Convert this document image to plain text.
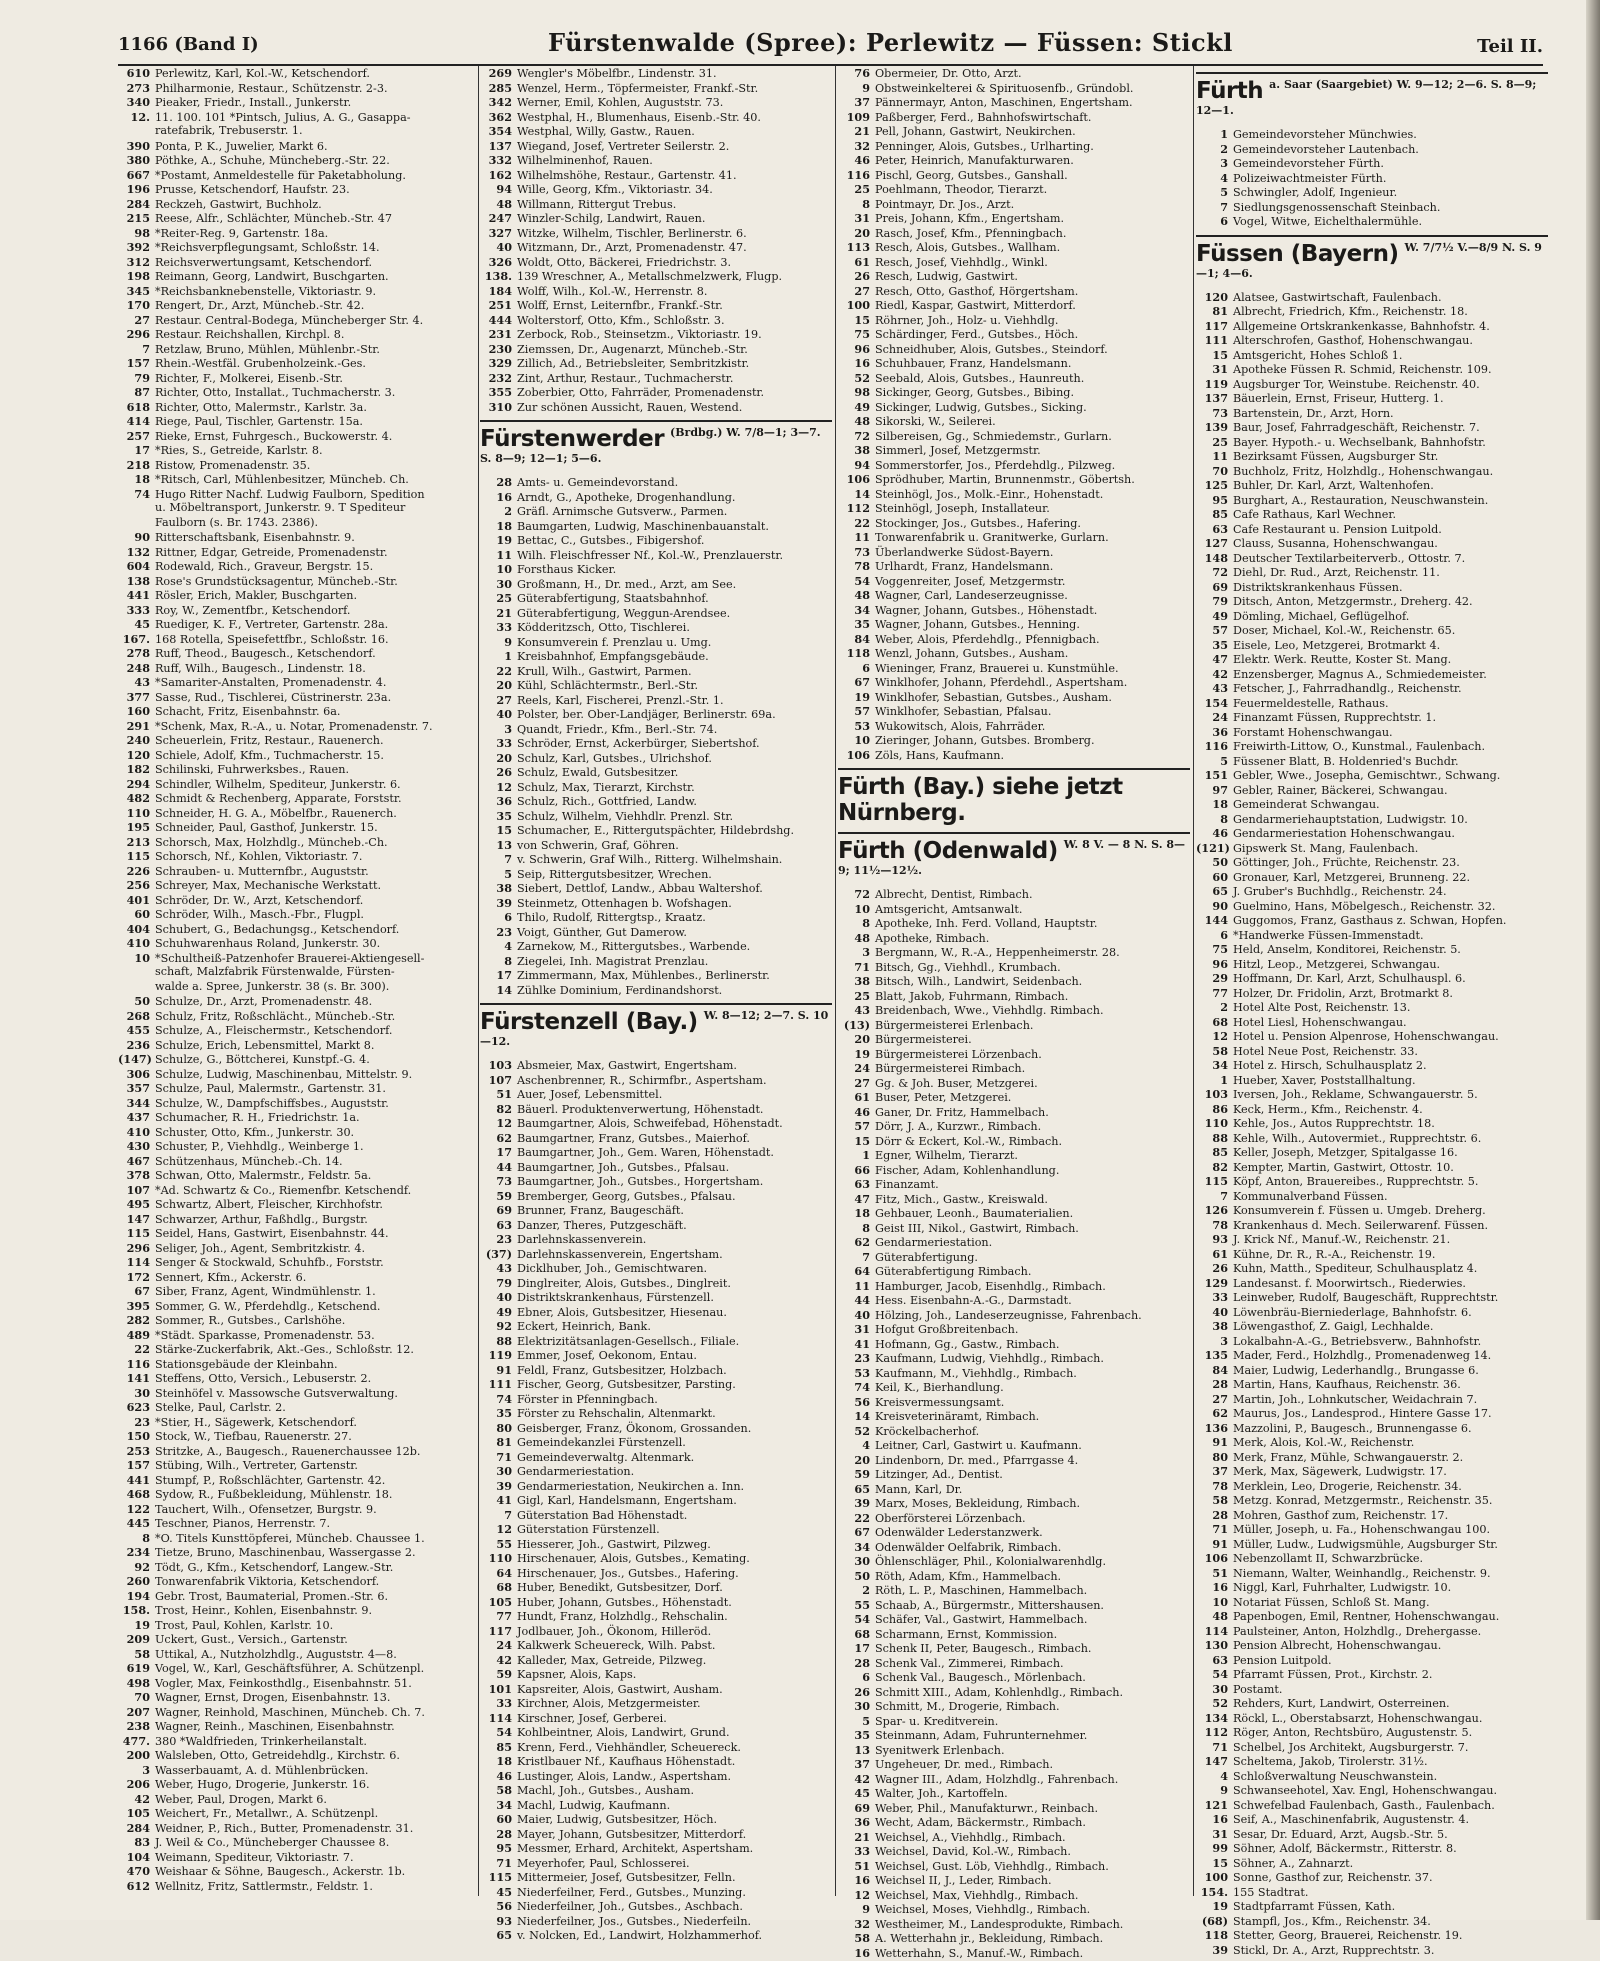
1166 (Band I)	Fürstenwalde (Spree): Perlewitz — Füssen: Stickl	Teil II.
610 Perlewitz, Karl, Kol.-W., Ketschendorf.
273 Philharmonie, Restaur., Schützenstr. 2-3.
340 Pieaker, Friedr., Install., Junkerstr.
12. 11. 100. 101 *Pintsch, Julius, A. G., Gasappa-
ratefabrik, Trebuserstr. 1.
390 Ponta, P. K., Juwelier, Markt 6.
380 Pöthke, A., Schuhe, Müncheberg.-Str. 22.
667 *Postamt, Anmeldestelle für Paketabholung.
196 Prusse, Ketschendorf, Haufstr. 23.
284 Reckzeh, Gastwirt, Buchholz.
215 Reese, Alfr., Schlächter, Müncheb.-Str. 47
98 *Reiter-Reg. 9, Gartenstr. 18a.
392 *Reichsverpflegungsamt, Schloßstr. 14.
312 Reichsverwertungsamt, Ketschendorf.
198 Reimann, Georg, Landwirt, Buschgarten.
345 *Reichsbanknebenstelle, Viktoriastr. 9.
170 Rengert, Dr., Arzt, Müncheb.-Str. 42.
27 Restaur. Central-Bodega, Müncheberger Str. 4.
296 Restaur. Reichshallen, Kirchpl. 8.
7 Retzlaw, Bruno, Mühlen, Mühlenbr.-Str.
157 Rhein.-Westfäl. Grubenholzeink.-Ges.
79 Richter, F., Molkerei, Eisenb.-Str.
87 Richter, Otto, Installat., Tuchmacherstr. 3.
618 Richter, Otto, Malermstr., Karlstr. 3a.
414 Riege, Paul, Tischler, Gartenstr. 15a.
257 Rieke, Ernst, Fuhrgesch., Buckowerstr. 4.
17 *Ries, S., Getreide, Karlstr. 8.
218 Ristow, Promenadenstr. 35.
18 *Ritsch, Carl, Mühlenbesitzer, Müncheb. Ch.
74 Hugo Ritter Nachf. Ludwig Faulborn, Spedition
u. Möbeltransport, Junkerstr. 9. T Spediteur
Faulborn (s. Br. 1743. 2386).
90 Ritterschaftsbank, Eisenbahnstr. 9.
132 Rittner, Edgar, Getreide, Promenadenstr.
604 Rodewald, Rich., Graveur, Bergstr. 15.
138 Rose's Grundstücksagentur, Müncheb.-Str.
441 Rösler, Erich, Makler, Buschgarten.
333 Roy, W., Zementfbr., Ketschendorf.
45 Ruediger, K. F., Vertreter, Gartenstr. 28a.
167. 168 Rotella, Speisefettfbr., Schloßstr. 16.
278 Ruff, Theod., Baugesch., Ketschendorf.
248 Ruff, Wilh., Baugesch., Lindenstr. 18.
43 *Samariter-Anstalten, Promenadenstr. 4.
377 Sasse, Rud., Tischlerei, Cüstrinerstr. 23a.
160 Schacht, Fritz, Eisenbahnstr. 6a.
291 *Schenk, Max, R.-A., u. Notar, Promenadenstr. 7.
240 Scheuerlein, Fritz, Restaur., Rauenerch.
120 Schiele, Adolf, Kfm., Tuchmacherstr. 15.
182 Schilinski, Fuhrwerksbes., Rauen.
294 Schindler, Wilhelm, Spediteur, Junkerstr. 6.
482 Schmidt & Rechenberg, Apparate, Forststr.
110 Schneider, H. G. A., Möbelfbr., Rauenerch.
195 Schneider, Paul, Gasthof, Junkerstr. 15.
213 Schorsch, Max, Holzhdlg., Müncheb.-Ch.
115 Schorsch, Nf., Kohlen, Viktoriastr. 7.
226 Schrauben- u. Mutternfbr., Auguststr.
256 Schreyer, Max, Mechanische Werkstatt.
401 Schröder, Dr. W., Arzt, Ketschendorf.
60 Schröder, Wilh., Masch.-Fbr., Flugpl.
404 Schubert, G., Bedachungsg., Ketschendorf.
410 Schuhwarenhaus Roland, Junkerstr. 30.
10 *Schultheiß-Patzenhofer Brauerei-Aktiengesell-
schaft, Malzfabrik Fürstenwalde, Fürsten-
walde a. Spree, Junkerstr. 38 (s. Br. 300).
50 Schulze, Dr., Arzt, Promenadenstr. 48.
268 Schulz, Fritz, Roßschlächt., Müncheb.-Str.
455 Schulze, A., Fleischermstr., Ketschendorf.
236 Schulze, Erich, Lebensmittel, Markt 8.
(147) Schulze, G., Böttcherei, Kunstpf.-G. 4.
306 Schulze, Ludwig, Maschinenbau, Mittelstr. 9.
357 Schulze, Paul, Malermstr., Gartenstr. 31.
344 Schulze, W., Dampfschiffsbes., Auguststr.
437 Schumacher, R. H., Friedrichstr. 1a.
410 Schuster, Otto, Kfm., Junkerstr. 30.
430 Schuster, P., Viehhdlg., Weinberge 1.
467 Schützenhaus, Müncheb.-Ch. 14.
378 Schwan, Otto, Malermstr., Feldstr. 5a.
107 *Ad. Schwartz & Co., Riemenfbr. Ketschendf.
495 Schwartz, Albert, Fleischer, Kirchhofstr.
147 Schwarzer, Arthur, Faßhdlg., Burgstr.
115 Seidel, Hans, Gastwirt, Eisenbahnstr. 44.
296 Seliger, Joh., Agent, Sembritzkistr. 4.
114 Senger & Stockwald, Schuhfb., Forststr.
172 Sennert, Kfm., Ackerstr. 6.
67 Siber, Franz, Agent, Windmühlenstr. 1.
395 Sommer, G. W., Pferdehdlg., Ketschend.
282 Sommer, R., Gutsbes., Carlshöhe.
489 *Städt. Sparkasse, Promenadenstr. 53.
22 Stärke-Zuckerfabrik, Akt.-Ges., Schloßstr. 12.
116 Stationsgebäude der Kleinbahn.
141 Steffens, Otto, Versich., Lebuserstr. 2.
30 Steinhöfel v. Massowsche Gutsverwaltung.
623 Stelke, Paul, Carlstr. 2.
23 *Stier, H., Sägewerk, Ketschendorf.
150 Stock, W., Tiefbau, Rauenerstr. 27.
253 Stritzke, A., Baugesch., Rauenerchaussee 12b.
157 Stübing, Wilh., Vertreter, Gartenstr.
441 Stumpf, P., Roßschlächter, Gartenstr. 42.
468 Sydow, R., Fußbekleidung, Mühlenstr. 18.
122 Tauchert, Wilh., Ofensetzer, Burgstr. 9.
445 Teschner, Pianos, Herrenstr. 7.
8 *O. Titels Kunsttöpferei, Müncheb. Chaussee 1.
234 Tietze, Bruno, Maschinenbau, Wassergasse 2.
92 Tödt, G., Kfm., Ketschendorf, Langew.-Str.
260 Tonwarenfabrik Viktoria, Ketschendorf.
194 Gebr. Trost, Baumaterial, Promen.-Str. 6.
158. Trost, Heinr., Kohlen, Eisenbahnstr. 9.
19 Trost, Paul, Kohlen, Karlstr. 10.
209 Uckert, Gust., Versich., Gartenstr.
58 Uttikal, A., Nutzholzhdlg., Auguststr. 4—8.
619 Vogel, W., Karl, Geschäftsführer, A. Schützenpl.
498 Vogler, Max, Feinkosthdlg., Eisenbahnstr. 51.
70 Wagner, Ernst, Drogen, Eisenbahnstr. 13.
207 Wagner, Reinhold, Maschinen, Müncheb. Ch. 7.
238 Wagner, Reinh., Maschinen, Eisenbahnstr.
477. 380 *Waldfrieden, Trinkerheilanstalt.
200 Walsleben, Otto, Getreidehdlg., Kirchstr. 6.
3 Wasserbauamt, A. d. Mühlenbrücken.
206 Weber, Hugo, Drogerie, Junkerstr. 16.
42 Weber, Paul, Drogen, Markt 6.
105 Weichert, Fr., Metallwr., A. Schützenpl.
284 Weidner, P., Rich., Butter, Promenadenstr. 31.
83 J. Weil & Co., Müncheberger Chaussee 8.
104 Weimann, Spediteur, Viktoriastr. 7.
470 Weishaar & Söhne, Baugesch., Ackerstr. 1b.
612 Wellnitz, Fritz, Sattlermstr., Feldstr. 1.
269 Wengler's Möbelfbr., Lindenstr. 31.
285 Wenzel, Herm., Töpfermeister, Frankf.-Str.
342 Werner, Emil, Kohlen, Auguststr. 73.
362 Westphal, H., Blumenhaus, Eisenb.-Str. 40.
354 Westphal, Willy, Gastw., Rauen.
137 Wiegand, Josef, Vertreter Seilerstr. 2.
332 Wilhelminenhof, Rauen.
162 Wilhelmshöhe, Restaur., Gartenstr. 41.
94 Wille, Georg, Kfm., Viktoriastr. 34.
48 Willmann, Rittergut Trebus.
247 Winzler-Schilg, Landwirt, Rauen.
327 Witzke, Wilhelm, Tischler, Berlinerstr. 6.
40 Witzmann, Dr., Arzt, Promenadenstr. 47.
326 Woldt, Otto, Bäckerei, Friedrichstr. 3.
138. 139 Wreschner, A., Metallschmelzwerk, Flugp.
184 Wolff, Wilh., Kol.-W., Herrenstr. 8.
251 Wolff, Ernst, Leiternfbr., Frankf.-Str.
444 Wolterstorf, Otto, Kfm., Schloßstr. 3.
231 Zerbock, Rob., Steinsetzm., Viktoriastr. 19.
230 Ziemssen, Dr., Augenarzt, Müncheb.-Str.
329 Zillich, Ad., Betriebsleiter, Sembritzkistr.
232 Zint, Arthur, Restaur., Tuchmacherstr.
355 Zoberbier, Otto, Fahrräder, Promenadenstr.
310 Zur schönen Aussicht, Rauen, Westend.
Fürstenwerder $^{(Brdbg.) W. 7/8—1; 3—7. S. 8—9; 12—1; 5—6.}$
28 Amts- u. Gemeindevorstand.
16 Arndt, G., Apotheke, Drogenhandlung.
2 Gräfl. Arnimsche Gutsverw., Parmen.
18 Baumgarten, Ludwig, Maschinenbauanstalt.
19 Bettac, C., Gutsbes., Fibigershof.
11 Wilh. Fleischfresser Nf., Kol.-W., Prenzlauerstr.
10 Forsthaus Kicker.
30 Großmann, H., Dr. med., Arzt, am See.
25 Güterabfertigung, Staatsbahnhof.
21 Güterabfertigung, Weggun-Arendsee.
33 Ködderitzsch, Otto, Tischlerei.
9 Konsumverein f. Prenzlau u. Umg.
1 Kreisbahnhof, Empfangsgebäude.
22 Krull, Wilh., Gastwirt, Parmen.
20 Kühl, Schlächtermstr., Berl.-Str.
27 Reels, Karl, Fischerei, Prenzl.-Str. 1.
40 Polster, ber. Ober-Landjäger, Berlinerstr. 69a.
3 Quandt, Friedr., Kfm., Berl.-Str. 74.
33 Schröder, Ernst, Ackerbürger, Siebertshof.
20 Schulz, Karl, Gutsbes., Ulrichshof.
26 Schulz, Ewald, Gutsbesitzer.
12 Schulz, Max, Tierarzt, Kirchstr.
36 Schulz, Rich., Gottfried, Landw.
35 Schulz, Wilhelm, Viehhdlr. Prenzl. Str.
15 Schumacher, E., Rittergutspächter, Hildebrdshg.
13 von Schwerin, Graf, Göhren.
7 v. Schwerin, Graf Wilh., Ritterg. Wilhelmshain.
5 Seip, Rittergutsbesitzer, Wrechen.
38 Siebert, Dettlof, Landw., Abbau Waltershof.
39 Steinmetz, Ottenhagen b. Wofshagen.
6 Thilo, Rudolf, Rittergtsp., Kraatz.
23 Voigt, Günther, Gut Damerow.
4 Zarnekow, M., Rittergutsbes., Warbende.
8 Ziegelei, Inh. Magistrat Prenzlau.
17 Zimmermann, Max, Mühlenbes., Berlinerstr.
14 Zühlke Dominium, Ferdinandshorst.
Fürstenzell (Bay.) $^{W. 8—12; 2—7. S. 10—12.}$
103 Absmeier, Max, Gastwirt, Engertsham.
107 Aschenbrenner, R., Schirmfbr., Aspertsham.
51 Auer, Josef, Lebensmittel.
82 Bäuerl. Produktenverwertung, Höhenstadt.
12 Baumgartner, Alois, Schweifebad, Höhenstadt.
62 Baumgartner, Franz, Gutsbes., Maierhof.
17 Baumgartner, Joh., Gem. Waren, Höhenstadt.
44 Baumgartner, Joh., Gutsbes., Pfalsau.
73 Baumgartner, Joh., Gutsbes., Horgertsham.
59 Bremberger, Georg, Gutsbes., Pfalsau.
69 Brunner, Franz, Baugeschäft.
63 Danzer, Theres, Putzgeschäft.
23 Darlehnskassenverein.
(37) Darlehnskassenverein, Engertsham.
43 Dicklhuber, Joh., Gemischtwaren.
79 Dinglreiter, Alois, Gutsbes., Dinglreit.
40 Distriktskrankenhaus, Fürstenzell.
49 Ebner, Alois, Gutsbesitzer, Hiesenau.
92 Eckert, Heinrich, Bank.
88 Elektrizitätsanlagen-Gesellsch., Filiale.
119 Emmer, Josef, Oekonom, Entau.
91 Feldl, Franz, Gutsbesitzer, Holzbach.
111 Fischer, Georg, Gutsbesitzer, Parsting.
74 Förster in Pfenningbach.
35 Förster zu Rehschalin, Altenmarkt.
80 Geisberger, Franz, Ökonom, Grossanden.
81 Gemeindekanzlei Fürstenzell.
71 Gemeindeverwaltg. Altenmark.
30 Gendarmeriestation.
39 Gendarmeriestation, Neukirchen a. Inn.
41 Gigl, Karl, Handelsmann, Engertsham.
7 Güterstation Bad Höhenstadt.
12 Güterstation Fürstenzell.
55 Hiesserer, Joh., Gastwirt, Pilzweg.
110 Hirschenauer, Alois, Gutsbes., Kemating.
64 Hirschenauer, Jos., Gutsbes., Hafering.
68 Huber, Benedikt, Gutsbesitzer, Dorf.
105 Huber, Johann, Gutsbes., Höhenstadt.
77 Hundt, Franz, Holzhdlg., Rehschalin.
117 Jodlbauer, Joh., Ökonom, Hilleröd.
24 Kalkwerk Scheuereck, Wilh. Pabst.
42 Kalleder, Max, Getreide, Pilzweg.
59 Kapsner, Alois, Kaps.
101 Kapsreiter, Alois, Gastwirt, Ausham.
33 Kirchner, Alois, Metzgermeister.
114 Kirschner, Josef, Gerberei.
54 Kohlbeintner, Alois, Landwirt, Grund.
85 Krenn, Ferd., Viehhändler, Scheuereck.
18 Kristlbauer Nf., Kaufhaus Höhenstadt.
46 Lustinger, Alois, Landw., Aspertsham.
58 Machl, Joh., Gutsbes., Ausham.
34 Machl, Ludwig, Kaufmann.
60 Maier, Ludwig, Gutsbesitzer, Höch.
28 Mayer, Johann, Gutsbesitzer, Mitterdorf.
95 Messmer, Erhard, Architekt, Aspertsham.
71 Meyerhofer, Paul, Schlosserei.
115 Mittermeier, Josef, Gutsbesitzer, Felln.
45 Niederfeilner, Ferd., Gutsbes., Munzing.
56 Niederfeilner, Joh., Gutsbes., Aschbach.
93 Niederfeilner, Jos., Gutsbes., Niederfeiln.
65 v. Nolcken, Ed., Landwirt, Holzhammerhof.
76 Obermeier, Dr. Otto, Arzt.
9 Obstweinkelterei & Spirituosenfb., Gründobl.
37 Pännermayr, Anton, Maschinen, Engertsham.
109 Paßberger, Ferd., Bahnhofswirtschaft.
21 Pell, Johann, Gastwirt, Neukirchen.
32 Penninger, Alois, Gutsbes., Urlharting.
46 Peter, Heinrich, Manufakturwaren.
116 Pischl, Georg, Gutsbes., Ganshall.
25 Poehlmann, Theodor, Tierarzt.
8 Pointmayr, Dr. Jos., Arzt.
31 Preis, Johann, Kfm., Engertsham.
20 Rasch, Josef, Kfm., Pfenningbach.
113 Resch, Alois, Gutsbes., Wallham.
61 Resch, Josef, Viehhdlg., Winkl.
26 Resch, Ludwig, Gastwirt.
27 Resch, Otto, Gasthof, Hörgertsham.
100 Riedl, Kaspar, Gastwirt, Mitterdorf.
15 Röhrner, Joh., Holz- u. Viehhdlg.
75 Schärdinger, Ferd., Gutsbes., Höch.
96 Schneidhuber, Alois, Gutsbes., Steindorf.
16 Schuhbauer, Franz, Handelsmann.
52 Seebald, Alois, Gutsbes., Haunreuth.
98 Sickinger, Georg, Gutsbes., Bibing.
49 Sickinger, Ludwig, Gutsbes., Sicking.
48 Sikorski, W., Seilerei.
72 Silbereisen, Gg., Schmiedemstr., Gurlarn.
38 Simmerl, Josef, Metzgermstr.
94 Sommerstorfer, Jos., Pferdehdlg., Pilzweg.
106 Sprödhuber, Martin, Brunnenmstr., Göbertsh.
14 Steinhögl, Jos., Molk.-Einr., Hohenstadt.
112 Steinhögl, Joseph, Installateur.
22 Stockinger, Jos., Gutsbes., Hafering.
11 Tonwarenfabrik u. Granitwerke, Gurlarn.
73 Überlandwerke Südost-Bayern.
78 Urlhardt, Franz, Handelsmann.
54 Voggenreiter, Josef, Metzgermstr.
48 Wagner, Carl, Landeserzeugnisse.
34 Wagner, Johann, Gutsbes., Höhenstadt.
35 Wagner, Johann, Gutsbes., Henning.
84 Weber, Alois, Pferdehdlg., Pfennigbach.
118 Wenzl, Johann, Gutsbes., Ausham.
6 Wieninger, Franz, Brauerei u. Kunstmühle.
67 Winklhofer, Johann, Pferdehdl., Aspertsham.
19 Winklhofer, Sebastian, Gutsbes., Ausham.
57 Winklhofer, Sebastian, Pfalsau.
53 Wukowitsch, Alois, Fahrräder.
10 Zieringer, Johann, Gutsbes. Bromberg.
106 Zöls, Hans, Kaufmann.
Fürth (Bay.) siehe jetzt Nürnberg.
Fürth (Odenwald) $^{W. 8 V. — 8 N. S. 8—9; 11\frac{1}{2}—12\frac{1}{2}.}$
72 Albrecht, Dentist, Rimbach.
10 Amtsgericht, Amtsanwalt.
8 Apotheke, Inh. Ferd. Volland, Hauptstr.
48 Apotheke, Rimbach.
3 Bergmann, W., R.-A., Heppenheimerstr. 28.
71 Bitsch, Gg., Viehhdl., Krumbach.
38 Bitsch, Wilh., Landwirt, Seidenbach.
25 Blatt, Jakob, Fuhrmann, Rimbach.
43 Breidenbach, Wwe., Viehhdlg. Rimbach.
(13) Bürgermeisterei Erlenbach.
20 Bürgermeisterei.
19 Bürgermeisterei Lörzenbach.
24 Bürgermeisterei Rimbach.
27 Gg. & Joh. Buser, Metzgerei.
61 Buser, Peter, Metzgerei.
46 Ganer, Dr. Fritz, Hammelbach.
57 Dörr, J. A., Kurzwr., Rimbach.
15 Dörr & Eckert, Kol.-W., Rimbach.
1 Egner, Wilhelm, Tierarzt.
66 Fischer, Adam, Kohlenhandlung.
63 Finanzamt.
47 Fitz, Mich., Gastw., Kreiswald.
18 Gehbauer, Leonh., Baumaterialien.
8 Geist III, Nikol., Gastwirt, Rimbach.
62 Gendarmeriestation.
7 Güterabfertigung.
64 Güterabfertigung Rimbach.
11 Hamburger, Jacob, Eisenhdlg., Rimbach.
44 Hess. Eisenbahn-A.-G., Darmstadt.
40 Hölzing, Joh., Landeserzeugnisse, Fahrenbach.
31 Hofgut Großbreitenbach.
41 Hofmann, Gg., Gastw., Rimbach.
23 Kaufmann, Ludwig, Viehhdlg., Rimbach.
53 Kaufmann, M., Viehhdlg., Rimbach.
74 Keil, K., Bierhandlung.
56 Kreisvermessungsamt.
14 Kreisveterinäramt, Rimbach.
52 Kröckelbacherhof.
4 Leitner, Carl, Gastwirt u. Kaufmann.
20 Lindenborn, Dr. med., Pfarrgasse 4.
59 Litzinger, Ad., Dentist.
65 Mann, Karl, Dr.
39 Marx, Moses, Bekleidung, Rimbach.
22 Oberförsterei Lörzenbach.
67 Odenwälder Lederstanzwerk.
34 Odenwälder Oelfabrik, Rimbach.
30 Öhlenschläger, Phil., Kolonialwarenhdlg.
50 Röth, Adam, Kfm., Hammelbach.
2 Röth, L. P., Maschinen, Hammelbach.
55 Schaab, A., Bürgermstr., Mittershausen.
54 Schäfer, Val., Gastwirt, Hammelbach.
68 Scharmann, Ernst, Kommission.
17 Schenk II, Peter, Baugesch., Rimbach.
28 Schenk Val., Zimmerei, Rimbach.
6 Schenk Val., Baugesch., Mörlenbach.
26 Schmitt XIII., Adam, Kohlenhdlg., Rimbach.
30 Schmitt, M., Drogerie, Rimbach.
5 Spar- u. Kreditverein.
35 Steinmann, Adam, Fuhrunternehmer.
13 Syenitwerk Erlenbach.
37 Ungeheuer, Dr. med., Rimbach.
42 Wagner III., Adam, Holzhdlg., Fahrenbach.
45 Walter, Joh., Kartoffeln.
69 Weber, Phil., Manufakturwr., Reinbach.
36 Wecht, Adam, Bäckermstr., Rimbach.
21 Weichsel, A., Viehhdlg., Rimbach.
33 Weichsel, David, Kol.-W., Rimbach.
51 Weichsel, Gust. Löb, Viehhdlg., Rimbach.
16 Weichsel II, J., Leder, Rimbach.
12 Weichsel, Max, Viehhdlg., Rimbach.
9 Weichsel, Moses, Viehhdlg., Rimbach.
32 Westheimer, M., Landesprodukte, Rimbach.
58 A. Wetterhahn jr., Bekleidung, Rimbach.
16 Wetterhahn, S., Manuf.-W., Rimbach.
Fürth $^{a. Saar (Saargebiet) W. 9—12; 2—6. S. 8—9; 12—1.}$
1 Gemeindevorsteher Münchwies.
2 Gemeindevorsteher Lautenbach.
3 Gemeindevorsteher Fürth.
4 Polizeiwachtmeister Fürth.
5 Schwingler, Adolf, Ingenieur.
7 Siedlungsgenossenschaft Steinbach.
6 Vogel, Witwe, Eichelthalermühle.
Füssen (Bayern) $^{W. 7/7\frac{1}{2} V.—8/9 N. S. 9—1; 4—6.}$
120 Alatsee, Gastwirtschaft, Faulenbach.
81 Albrecht, Friedrich, Kfm., Reichenstr. 18.
117 Allgemeine Ortskrankenkasse, Bahnhofstr. 4.
111 Alterschrofen, Gasthof, Hohenschwangau.
15 Amtsgericht, Hohes Schloß 1.
31 Apotheke Füssen R. Schmid, Reichenstr. 109.
119 Augsburger Tor, Weinstube. Reichenstr. 40.
137 Bäuerlein, Ernst, Friseur, Hutterg. 1.
73 Bartenstein, Dr., Arzt, Horn.
139 Baur, Josef, Fahrradgeschäft, Reichenstr. 7.
25 Bayer. Hypoth.- u. Wechselbank, Bahnhofstr.
11 Bezirksamt Füssen, Augsburger Str.
70 Buchholz, Fritz, Holzhdlg., Hohenschwangau.
125 Buhler, Dr. Karl, Arzt, Waltenhofen.
95 Burghart, A., Restauration, Neuschwanstein.
85 Cafe Rathaus, Karl Wechner.
63 Cafe Restaurant u. Pension Luitpold.
127 Clauss, Susanna, Hohenschwangau.
148 Deutscher Textilarbeiterverb., Ottostr. 7.
72 Diehl, Dr. Rud., Arzt, Reichenstr. 11.
69 Distriktskrankenhaus Füssen.
79 Ditsch, Anton, Metzgermstr., Dreherg. 42.
49 Dömling, Michael, Geflügelhof.
57 Doser, Michael, Kol.-W., Reichenstr. 65.
35 Eisele, Leo, Metzgerei, Brotmarkt 4.
47 Elektr. Werk. Reutte, Koster St. Mang.
42 Enzensberger, Magnus A., Schmiedemeister.
43 Fetscher, J., Fahrradhandlg., Reichenstr.
154 Feuermeldestelle, Rathaus.
24 Finanzamt Füssen, Rupprechtstr. 1.
36 Forstamt Hohenschwangau.
116 Freiwirth-Littow, O., Kunstmal., Faulenbach.
5 Füssener Blatt, B. Holdenried's Buchdr.
151 Gebler, Wwe., Josepha, Gemischtwr., Schwang.
97 Gebler, Rainer, Bäckerei, Schwangau.
18 Gemeinderat Schwangau.
8 Gendarmeriehauptstation, Ludwigstr. 10.
46 Gendarmeriestation Hohenschwangau.
(121) Gipswerk St. Mang, Faulenbach.
50 Göttinger, Joh., Früchte, Reichenstr. 23.
60 Gronauer, Karl, Metzgerei, Brunneng. 22.
65 J. Gruber's Buchhdlg., Reichenstr. 24.
90 Guelmino, Hans, Möbelgesch., Reichenstr. 32.
144 Guggomos, Franz, Gasthaus z. Schwan, Hopfen.
6 *Handwerke Füssen-Immenstadt.
75 Held, Anselm, Konditorei, Reichenstr. 5.
96 Hitzl, Leop., Metzgerei, Schwangau.
29 Hoffmann, Dr. Karl, Arzt, Schulhauspl. 6.
77 Holzer, Dr. Fridolin, Arzt, Brotmarkt 8.
2 Hotel Alte Post, Reichenstr. 13.
68 Hotel Liesl, Hohenschwangau.
12 Hotel u. Pension Alpenrose, Hohenschwangau.
58 Hotel Neue Post, Reichenstr. 33.
34 Hotel z. Hirsch, Schulhausplatz 2.
1 Hueber, Xaver, Poststallhaltung.
103 Iversen, Joh., Reklame, Schwangauerstr. 5.
86 Keck, Herm., Kfm., Reichenstr. 4.
110 Kehle, Jos., Autos Rupprechtstr. 18.
88 Kehle, Wilh., Autovermiet., Rupprechtstr. 6.
85 Keller, Joseph, Metzger, Spitalgasse 16.
82 Kempter, Martin, Gastwirt, Ottostr. 10.
115 Köpf, Anton, Brauereibes., Rupprechtstr. 5.
7 Kommunalverband Füssen.
126 Konsumverein f. Füssen u. Umgeb. Dreherg.
78 Krankenhaus d. Mech. Seilerwarenf. Füssen.
93 J. Krick Nf., Manuf.-W., Reichenstr. 21.
61 Kühne, Dr. R., R.-A., Reichenstr. 19.
26 Kuhn, Matth., Spediteur, Schulhausplatz 4.
129 Landesanst. f. Moorwirtsch., Riederwies.
33 Leinweber, Rudolf, Baugeschäft, Rupprechtstr.
40 Löwenbräu-Bierniederlage, Bahnhofstr. 6.
38 Löwengasthof, Z. Gaigl, Lechhalde.
3 Lokalbahn-A.-G., Betriebsverw., Bahnhofstr.
135 Mader, Ferd., Holzhdlg., Promenadenweg 14.
84 Maier, Ludwig, Lederhandlg., Brungasse 6.
28 Martin, Hans, Kaufhaus, Reichenstr. 36.
27 Martin, Joh., Lohnkutscher, Weidachrain 7.
62 Maurus, Jos., Landesprod., Hintere Gasse 17.
136 Mazzolini, P., Baugesch., Brunnengasse 6.
91 Merk, Alois, Kol.-W., Reichenstr.
80 Merk, Franz, Mühle, Schwangauerstr. 2.
37 Merk, Max, Sägewerk, Ludwigstr. 17.
78 Merklein, Leo, Drogerie, Reichenstr. 34.
58 Metzg. Konrad, Metzgermstr., Reichenstr. 35.
28 Mohren, Gasthof zum, Reichenstr. 17.
71 Müller, Joseph, u. Fa., Hohenschwangau 100.
91 Müller, Ludw., Ludwigsmühle, Augsburger Str.
106 Nebenzollamt II, Schwarzbrücke.
51 Niemann, Walter, Weinhandlg., Reichenstr. 9.
16 Niggl, Karl, Fuhrhalter, Ludwigstr. 10.
10 Notariat Füssen, Schloß St. Mang.
48 Papenbogen, Emil, Rentner, Hohenschwangau.
114 Paulsteiner, Anton, Holzhdlg., Drehergasse.
130 Pension Albrecht, Hohenschwangau.
63 Pension Luitpold.
54 Pfarramt Füssen, Prot., Kirchstr. 2.
30 Postamt.
52 Rehders, Kurt, Landwirt, Osterreinen.
134 Röckl, L., Oberstabsarzt, Hohenschwangau.
112 Röger, Anton, Rechtsbüro, Augustenstr. 5.
71 Schelbel, Jos Architekt, Augsburgerstr. 7.
147 Scheltema, Jakob, Tirolerstr. 31½.
4 Schloßverwaltung Neuschwanstein.
9 Schwanseehotel, Xav. Engl, Hohenschwangau.
121 Schwefelbad Faulenbach, Gasth., Faulenbach.
16 Seif, A., Maschinenfabrik, Augustenstr. 4.
31 Sesar, Dr. Eduard, Arzt, Augsb.-Str. 5.
99 Söhner, Adolf, Bäckermstr., Ritterstr. 8.
15 Söhner, A., Zahnarzt.
100 Sonne, Gasthof zur, Reichenstr. 37.
154. 155 Stadtrat.
19 Stadtpfarramt Füssen, Kath.
(68) Stampfl, Jos., Kfm., Reichenstr. 34.
118 Stetter, Georg, Brauerei, Reichenstr. 19.
39 Stickl, Dr. A., Arzt, Rupprechtstr. 3.
